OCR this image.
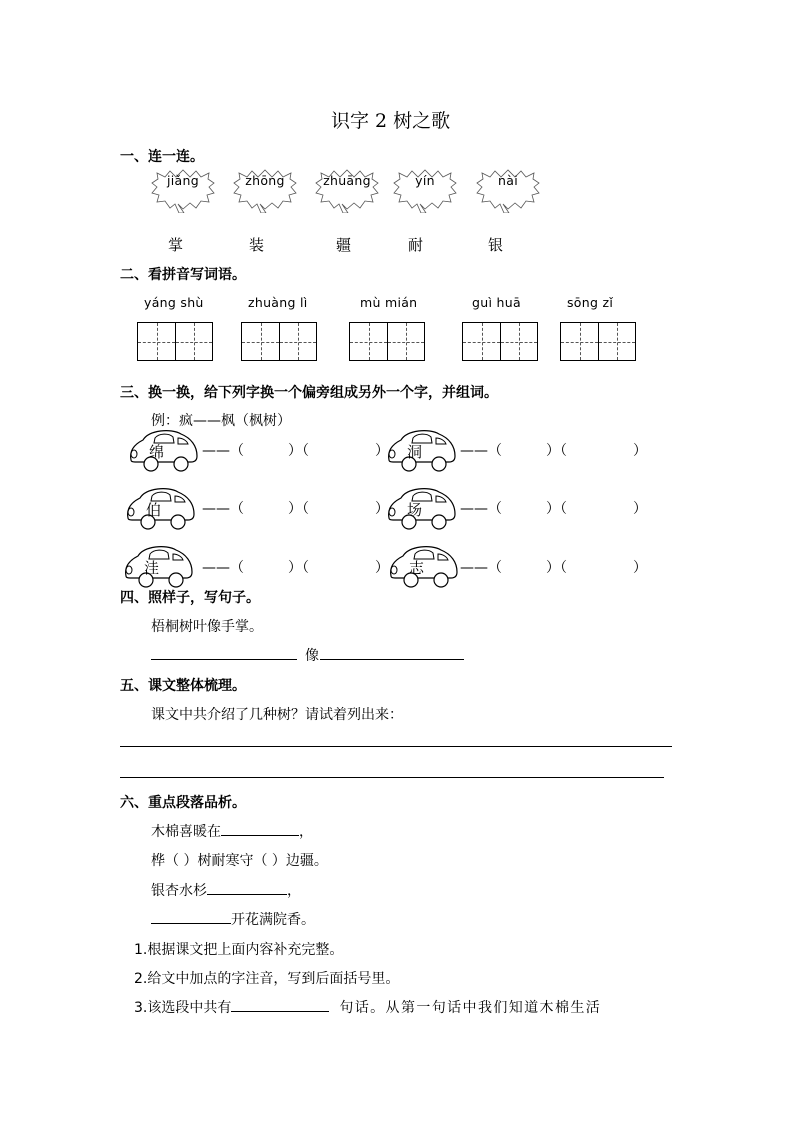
识字 2 树之歌
一、连一连。
jiǎng	zhōng	zhuāng	yín	nài
掌	装	疆	耐	银
二、看拼音写词语。
yáng shù	zhuàng lì	mù mián	guì huā	sōng zǐ
三、换一换，给下列字换一个偏旁组成另外一个字，并组词。
例：疯——枫（枫树）
绵	——（	）（	） 洞	——（	）（	）
伯	——（	）（	） 场	——（	）（	）
洼	——（	）（	） 志	——（	）（	）
四、照样子，写句子。
梧桐树叶像手掌。
像
五、课文整体梳理。
课文中共介绍了几种树？请试着列出来：
六、重点段落品析。
木棉喜暖在	，
桦（ ）树耐寒守（ ）边疆。
银杏水杉	，
开花满院香。
1.根据课文把上面内容补充完整。
2.给文中加点的字注音，写到后面括号里。
3.该选段中共有	句话。从第一句话中我们知道木棉生活
